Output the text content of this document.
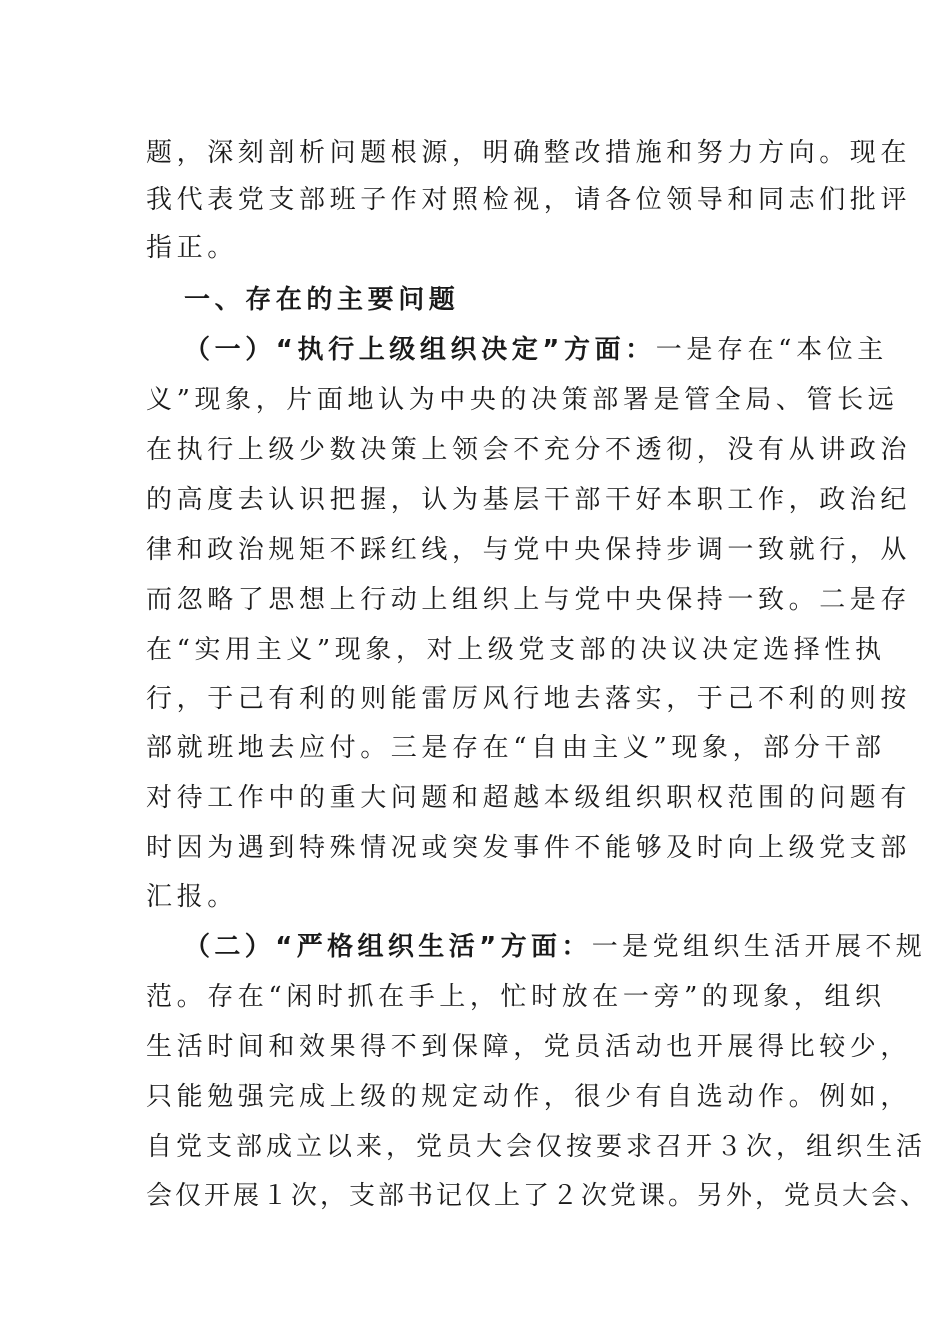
题，深刻剖析问题根源，明确整改措施和努力方向。现在
我代表党支部班子作对照检视，请各位领导和同志们批评
指正。
一、存在的主要问题
（一）“执行上级组织决定”方面：一是存在“本位主
义”现象，片面地认为中央的决策部署是管全局、管长远
在执行上级少数决策上领会不充分不透彻，没有从讲政治
的高度去认识把握，认为基层干部干好本职工作，政治纪
律和政治规矩不踩红线，与党中央保持步调一致就行，从
而忽略了思想上行动上组织上与党中央保持一致。二是存
在“实用主义”现象，对上级党支部的决议决定选择性执
行，于己有利的则能雷厉风行地去落实，于己不利的则按
部就班地去应付。三是存在“自由主义”现象，部分干部
对待工作中的重大问题和超越本级组织职权范围的问题有
时因为遇到特殊情况或突发事件不能够及时向上级党支部
汇报。
（二）“严格组织生活”方面：一是党组织生活开展不规
范。存在“闲时抓在手上，忙时放在一旁”的现象，组织
生活时间和效果得不到保障，党员活动也开展得比较少，
只能勉强完成上级的规定动作，很少有自选动作。例如，
自党支部成立以来，党员大会仅按要求召开３次，组织生活
会仅开展１次，支部书记仅上了２次党课。另外，党员大会、
